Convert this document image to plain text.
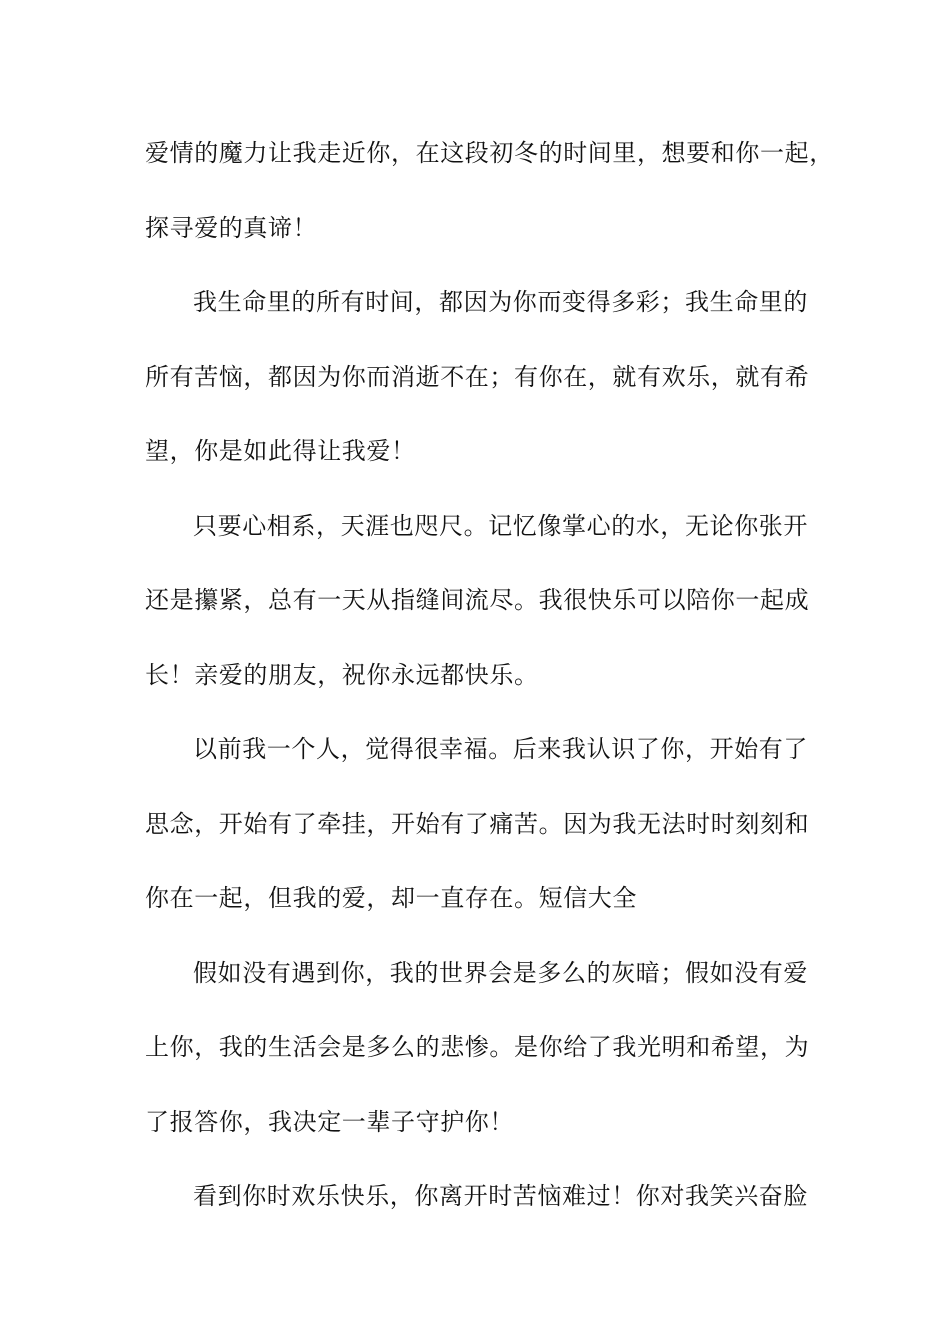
爱情的魔力让我走近你，在这段初冬的时间里，想要和你一起，
探寻爱的真谛！
我生命里的所有时间，都因为你而变得多彩；我生命里的
所有苦恼，都因为你而消逝不在；有你在，就有欢乐，就有希
望，你是如此得让我爱！
只要心相系，天涯也咫尺。记忆像掌心的水，无论你张开
还是攥紧，总有一天从指缝间流尽。我很快乐可以陪你一起成
长！亲爱的朋友，祝你永远都快乐。
以前我一个人，觉得很幸福。后来我认识了你，开始有了
思念，开始有了牵挂，开始有了痛苦。因为我无法时时刻刻和
你在一起，但我的爱，却一直存在。短信大全
假如没有遇到你，我的世界会是多么的灰暗；假如没有爱
上你，我的生活会是多么的悲惨。是你给了我光明和希望，为
了报答你，我决定一辈子守护你！
看到你时欢乐快乐，你离开时苦恼难过！你对我笑兴奋脸
